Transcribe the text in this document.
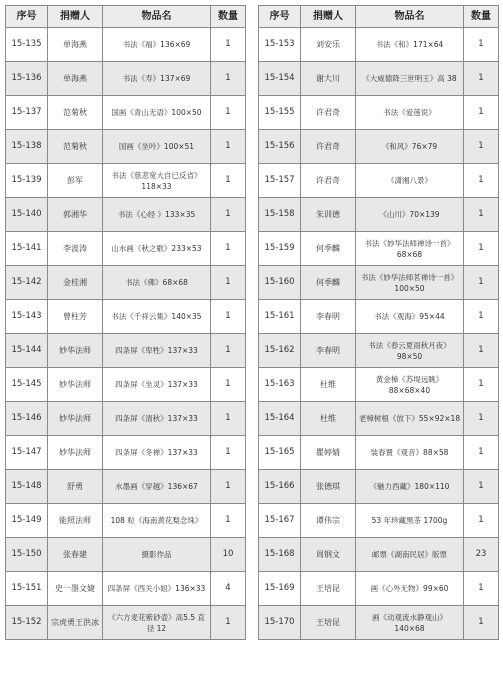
序号	捐赠人	物品名	数量
15-135	单海燕	书法《福》136×69	1
15-136	单海燕	书法《寿》137×69	1
15-137	范菊秋	国画《青山无语》100×50	1
15-138	范菊秋	国画《坐吟》100×51	1
15-139	彭军	书法《慈悲宽大自已反省》118×33	1
15-140	郭湘华	书法《心经 》133×35	1
15-141	李波涛	山水画《秋之歌》233×53	1
15-142	金桂湘	书法《佛》68×68	1
15-143	曾柱芳	书法《千祥云集》140×35	1
15-144	妙华法师	四条屏《卑牲》137×33	1
15-145	妙华法师	四条屏《坐灵》137×33	1
15-146	妙华法师	四条屏《清秋》137×33	1
15-147	妙华法师	四条屏《冬禅》137×33	1
15-148	舒勇	水墨画《穿越》136×67	1
15-149	能照法师	108 粒《海南黄花梨念珠》	1
15-150	张春建	摄影作品	10
15-151	史一墨文婕	四条屏《西关小姐》136×33	4
15-152	宗虎勇王洪冰	《六方麦花紫砂壶》高5.5 直径 12	1
序号	捐赠人	物品名	数量
15-153	刘安乐	书法《和》171×64	1
15-154	谢大川	《大威德降三世明王》高 38	1
15-155	许君奇	书法《爱莲说》	1
15-156	许君奇	《和风》76×79	1
15-157	许君奇	《潇湘八景》	1
15-158	朱训德	《山川》70×139	1
15-159	何季麟	书法《妙华法师禅诗一首》68×68	1
15-160	何季麟	书法《妙华法师茗禅诗一首》100×50	1
15-161	李春明	书法《观海》95×44	1
15-162	李春明	书法《春云夏雨秋月夜》98×50	1
15-163	杜维	黄金樟《苏堤远眺》88×68×40	1
15-164	杜维	老樟树根《放下》55×92×18	1
15-165	瞿婷婧	装春置《观音》88×58	1
15-166	张德琪	《魅力西藏》180×110	1
15-167	谭伟宗	53 年珍藏黑茶 1700g	1
15-168	周钢文	邮票《湖南民居》版票	23
15-169	王培昆	画《心外无物》99×60	1
15-170	王培昆	画《动观流水静观山》140×68	1
